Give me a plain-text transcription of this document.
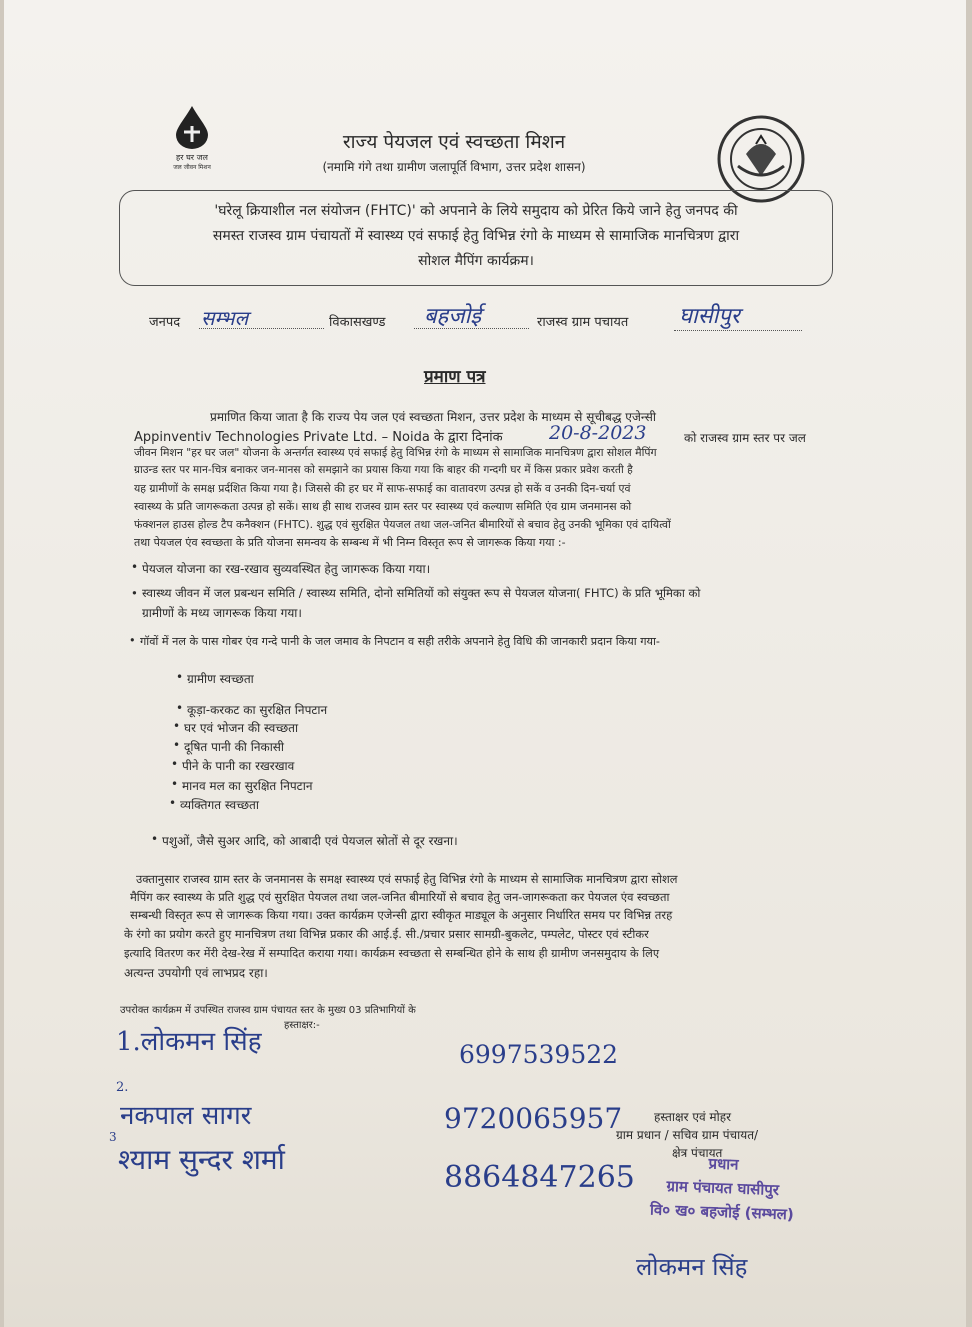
हर घर जल
जल जीवन मिशन
राज्य पेयजल एवं स्वच्छता मिशन
(नमामि गंगे तथा ग्रामीण जलापूर्ति विभाग, उत्तर प्रदेश शासन)
'घरेलू क्रियाशील नल संयोजन (FHTC)' को अपनाने के लिये समुदाय को प्रेरित किये जाने हेतु जनपद की
समस्त राजस्व ग्राम पंचायतों में स्वास्थ्य एवं सफाई हेतु विभिन्न रंगो के माध्यम से सामाजिक मानचित्रण द्वारा
सोशल मैपिंग कार्यक्रम।
जनपद सम्भल	विकासखण्ड बहजोई	राजस्व ग्राम पचायत घासीपुर
प्रमाण पत्र
प्रमाणित किया जाता है कि राज्य पेय जल एवं स्वच्छता मिशन, उत्तर प्रदेश के माध्यम से सूचीबद्ध एजेन्सी
Appinventiv Technologies Private Ltd. – Noida के द्वारा दिनांक 20-8-2023	को राजस्व ग्राम स्तर पर जल
जीवन मिशन "हर घर जल" योजना के अन्तर्गत स्वास्थ्य एवं सफाई हेतु विभिन्न रंगो के माध्यम से सामाजिक मानचित्रण द्वारा सोशल मैपिंग
ग्राउन्ड स्तर पर मान-चित्र बनाकर जन-मानस को समझाने का प्रयास किया गया कि बाहर की गन्दगी घर में किस प्रकार प्रवेश करती है
यह ग्रामीणों के समक्ष प्रर्दशित किया गया है। जिससे की हर घर में साफ-सफाई का वातावरण उत्पन्न हो सकें व उनकी दिन-चर्या एवं
स्वास्थ्य के प्रति जागरूकता उत्पन्न हो सकें। साथ ही साथ राजस्व ग्राम स्तर पर स्वास्थ्य एवं कल्याण समिति एंव ग्राम जनमानस को
फंक्शनल हाउस होल्ड टैप कनैक्शन (FHTC). शुद्ध एवं सुरक्षित पेयजल तथा जल-जनित बीमारियों से बचाव हेतु उनकी भूमिका एवं दायित्वों
तथा पेयजल एंव स्वच्छता के प्रति योजना समन्वय के सम्बन्ध में भी निम्न विस्तृत रूप से जागरूक किया गया :-
• पेयजल योजना का रख-रखाव सुव्यवस्थित हेतु जागरूक किया गया।
• स्वास्थ्य जीवन में जल प्रबन्धन समिति / स्वास्थ्य समिति, दोनो समितियों को संयुक्त रूप से पेयजल योजना( FHTC) के प्रति भूमिका को
ग्रामीणों के मध्य जागरूक किया गया।
• गॉवों में नल के पास गोबर एंव गन्दे पानी के जल जमाव के निपटान व सही तरीके अपनाने हेतु विधि की जानकारी प्रदान किया गया-
• ग्रामीण स्वच्छता
• कूड़ा-करकट का सुरक्षित निपटान
• घर एवं भोजन की स्वच्छता
• दूषित पानी की निकासी
• पीने के पानी का रखरखाव
• मानव मल का सुरक्षित निपटान
• व्यक्तिगत स्वच्छता
• पशुओं, जैसे सुअर आदि, को आबादी एवं पेयजल स्रोतों से दूर रखना।
उक्तानुसार राजस्व ग्राम स्तर के जनमानस के समक्ष स्वास्थ्य एवं सफाई हेतु विभिन्न रंगो के माध्यम से सामाजिक मानचित्रण द्वारा सोशल
मैपिंग कर स्वास्थ्य के प्रति शुद्ध एवं सुरक्षित पेयजल तथा जल-जनित बीमारियों से बचाव हेतु जन-जागरूकता कर पेयजल एंव स्वच्छता
सम्बन्धी विस्तृत रूप से जागरूक किया गया। उक्त कार्यक्रम एजेन्सी द्वारा स्वीकृत माड्यूल के अनुसार निर्धारित समय पर विभिन्न तरह
के रंगो का प्रयोग करते हुए मानचित्रण तथा विभिन्न प्रकार की आई.ई. सी./प्रचार प्रसार सामग्री-बुकलेट, पम्पलेट, पोस्टर एवं स्टीकर
इत्यादि वितरण कर मेंरी देख-रेख में सम्पादित कराया गया। कार्यक्रम स्वच्छता से सम्बन्धित होने के साथ ही ग्रामीण जनसमुदाय के लिए
अत्यन्त उपयोगी एवं लाभप्रद रहा।
उपरोक्त कार्यक्रम में उपस्थित राजस्व ग्राम पंचायत स्तर के मुख्य 03 प्रतिभागियों के
हस्ताक्षर:-
1.लोकमन सिंह	6997539522
2.
नकपाल सागर	9720065957
3
श्याम सुन्दर शर्मा
8864847265
हस्ताक्षर एवं मोहर
ग्राम प्रधान / सचिव ग्राम पंचायत/
क्षेत्र पंचायत
प्रधान
ग्राम पंचायत घासीपुर
वि० ख० बहजोई (सम्भल)
लोकमन सिंह
